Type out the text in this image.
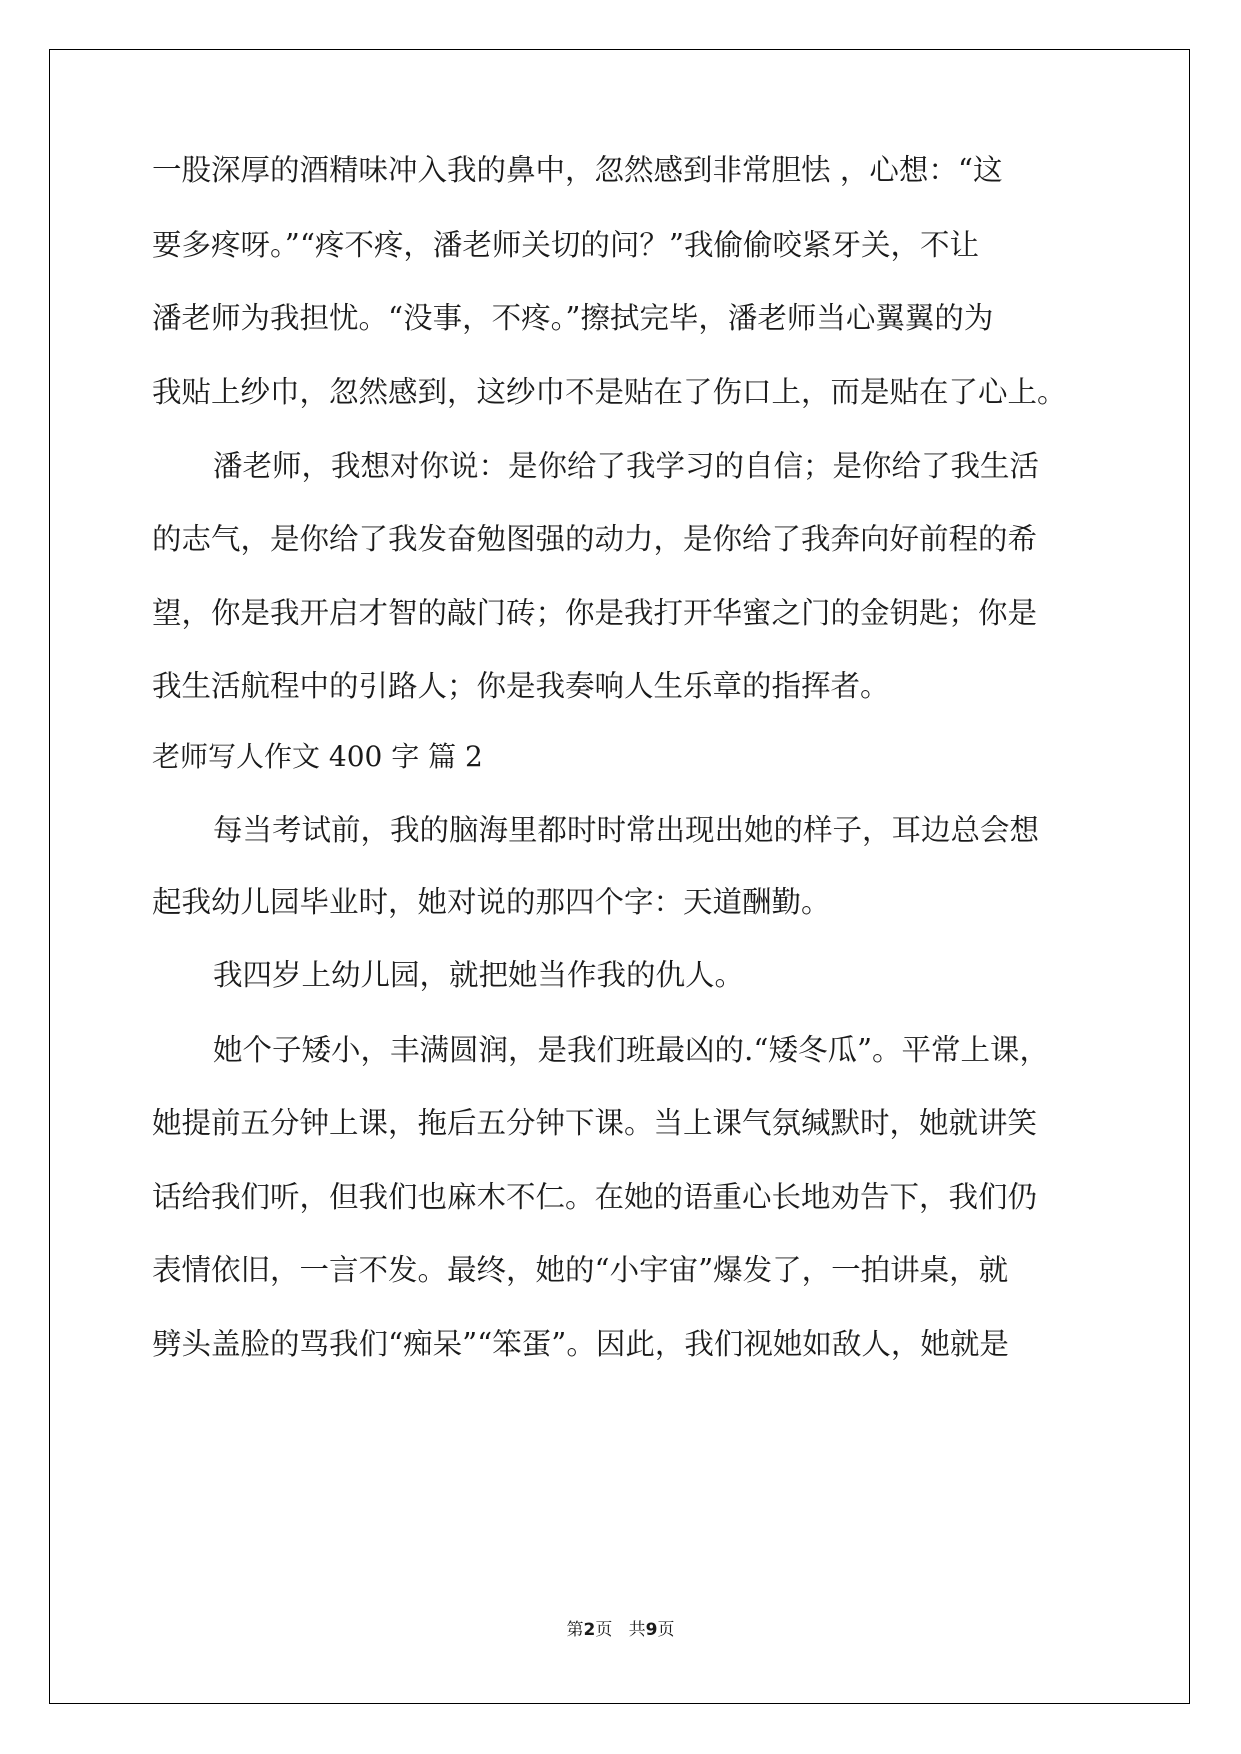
一股深厚的酒精味冲入我的鼻中，忽然感到非常胆怯 ，心想：“这
要多疼呀。”“疼不疼，潘老师关切的问？”我偷偷咬紧牙关，不让
潘老师为我担忧。“没事，不疼。”擦拭完毕，潘老师当心翼翼的为
我贴上纱巾，忽然感到，这纱巾不是贴在了伤口上，而是贴在了心上。
潘老师，我想对你说：是你给了我学习的自信；是你给了我生活
的志气，是你给了我发奋勉图强的动力，是你给了我奔向好前程的希
望，你是我开启才智的敲门砖；你是我打开华蜜之门的金钥匙；你是
我生活航程中的引路人；你是我奏响人生乐章的指挥者。
老师写人作文 400 字 篇 2
每当考试前，我的脑海里都时时常出现出她的样子，耳边总会想
起我幼儿园毕业时，她对说的那四个字：天道酬勤。
我四岁上幼儿园，就把她当作我的仇人。
她个子矮小，丰满圆润，是我们班最凶的.“矮冬瓜”。平常上课，
她提前五分钟上课，拖后五分钟下课。当上课气氛缄默时，她就讲笑
话给我们听，但我们也麻木不仁。在她的语重心长地劝告下，我们仍
表情依旧，一言不发。最终，她的“小宇宙”爆发了，一拍讲桌，就
劈头盖脸的骂我们“痴呆”“笨蛋”。因此，我们视她如敌人，她就是
第2页 共9页
